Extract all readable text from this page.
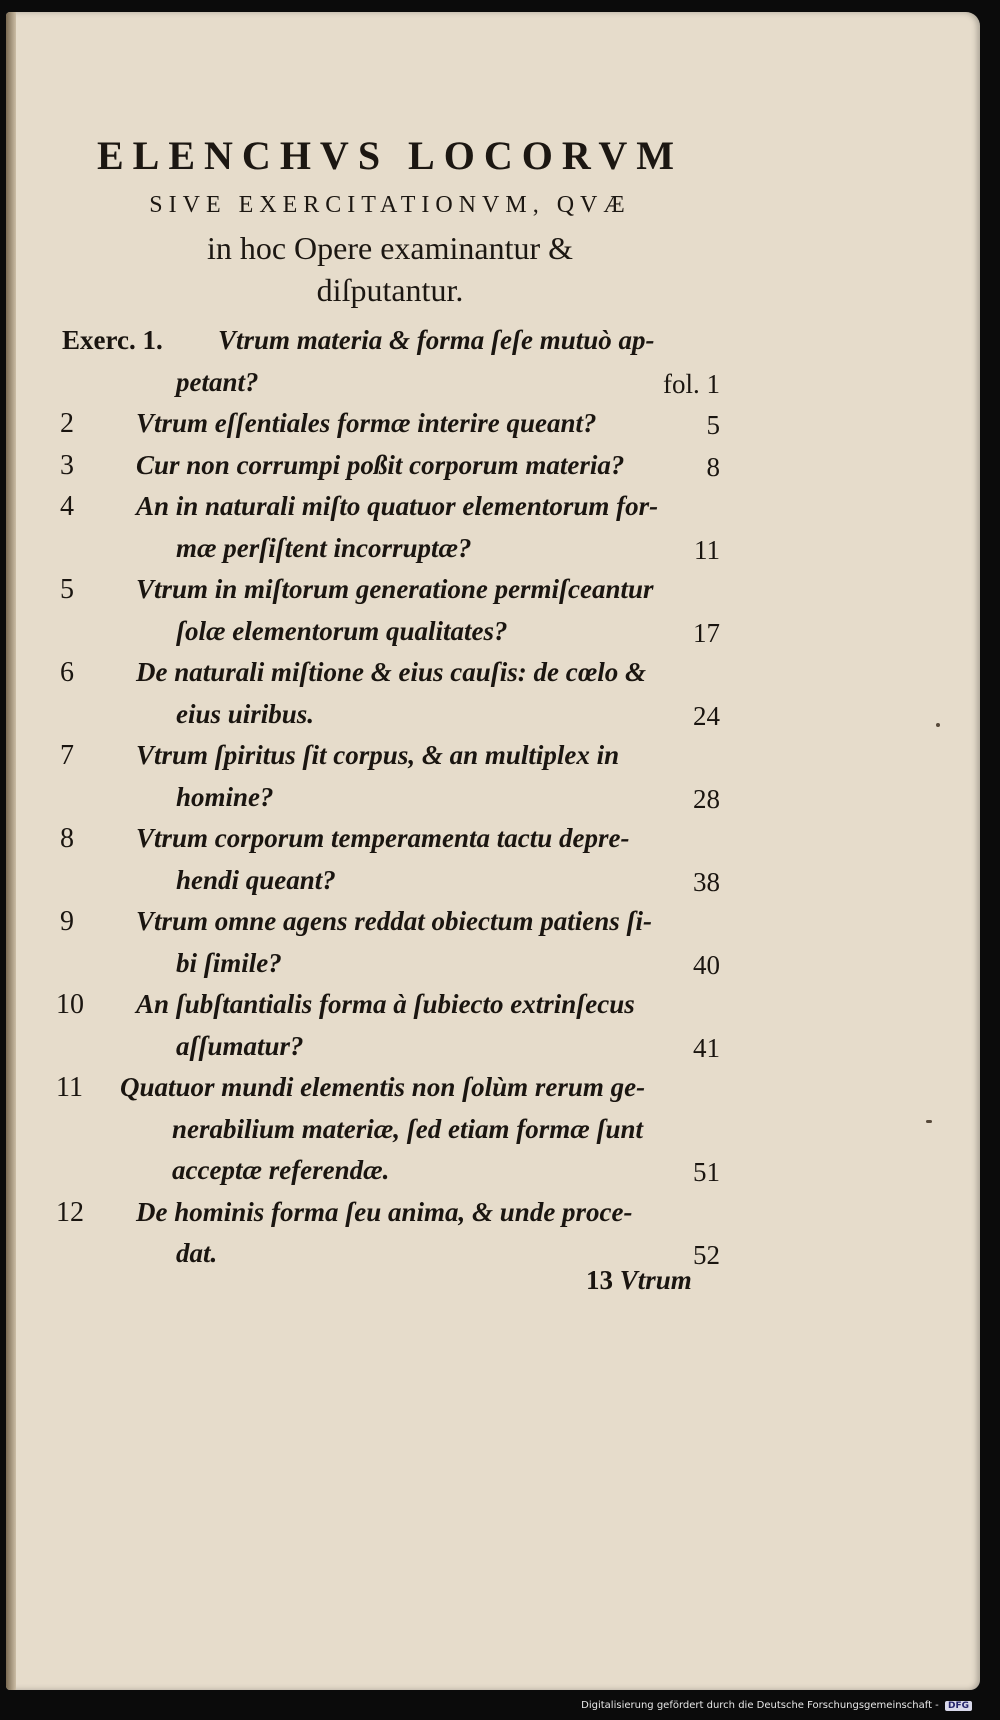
ELENCHVS LOCORVM
SIVE EXERCITATIONVM, QVÆ
in hoc Opere examinantur &
diſputantur.
Exerc. 1. Vtrum materia & forma ſeſe mutuò ap-
petant?	fol. 1
2 Vtrum eſſentiales formæ interire queant?	5
3 Cur non corrumpi poßit corporum materia?	8
4 An in naturali miſto quatuor elementorum for-
mæ perſiſtent incorruptæ?	11
5 Vtrum in miſtorum generatione permiſceantur
ſolæ elementorum qualitates?	17
6 De naturali miſtione & eius cauſis: de cœlo &
eius uiribus.	24
7 Vtrum ſpiritus ſit corpus, & an multiplex in
homine?	28
8 Vtrum corporum temperamenta tactu depre-
hendi queant?	38
9 Vtrum omne agens reddat obiectum patiens ſi-
bi ſimile?	40
10 An ſubſtantialis forma à ſubiecto extrinſecus
aſſumatur?	41
11 Quatuor mundi elementis non ſolùm rerum ge-
nerabilium materiæ, ſed etiam formæ ſunt
acceptæ referendæ.	51
12 De hominis forma ſeu anima, & unde proce-
dat.	52
13 Vtrum
Digitalisierung gefördert durch die Deutsche Forschungsgemeinschaft - DFG
